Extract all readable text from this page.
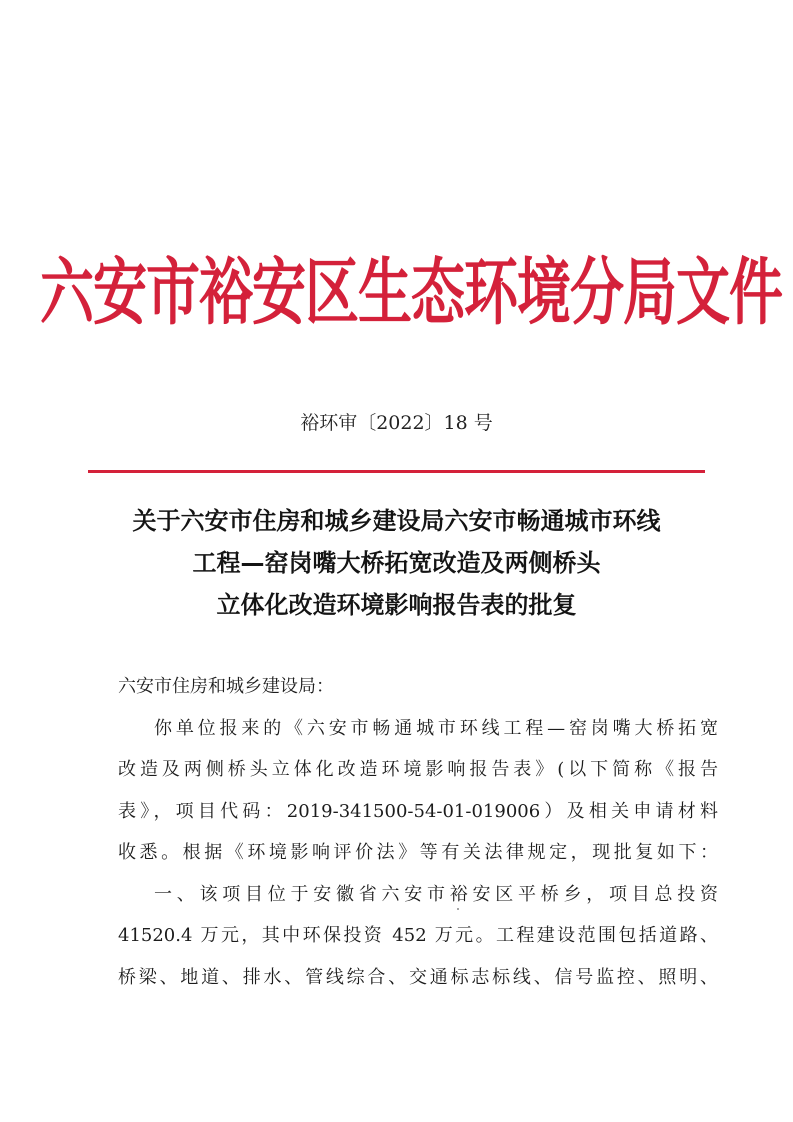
六安市裕安区生态环境分局文件
裕环审〔2022〕18 号
关于六安市住房和城乡建设局六安市畅通城市环线
工程—窑岗嘴大桥拓宽改造及两侧桥头
立体化改造环境影响报告表的批复
六安市住房和城乡建设局：
你单位报来的《六安市畅通城市环线工程—窑岗嘴大桥拓宽
改造及两侧桥头立体化改造环境影响报告表》(以下简称《报告
表》，项目代码：2019-341500-54-01-019006）及相关申请材料
收悉。根据《环境影响评价法》等有关法律规定，现批复如下：
一、该项目位于安徽省六安市裕安区平桥乡，项目总投资
41520.4 万元，其中环保投资 452 万元。工程建设范围包括道路、
桥梁、地道、排水、管线综合、交通标志标线、信号监控、照明、
